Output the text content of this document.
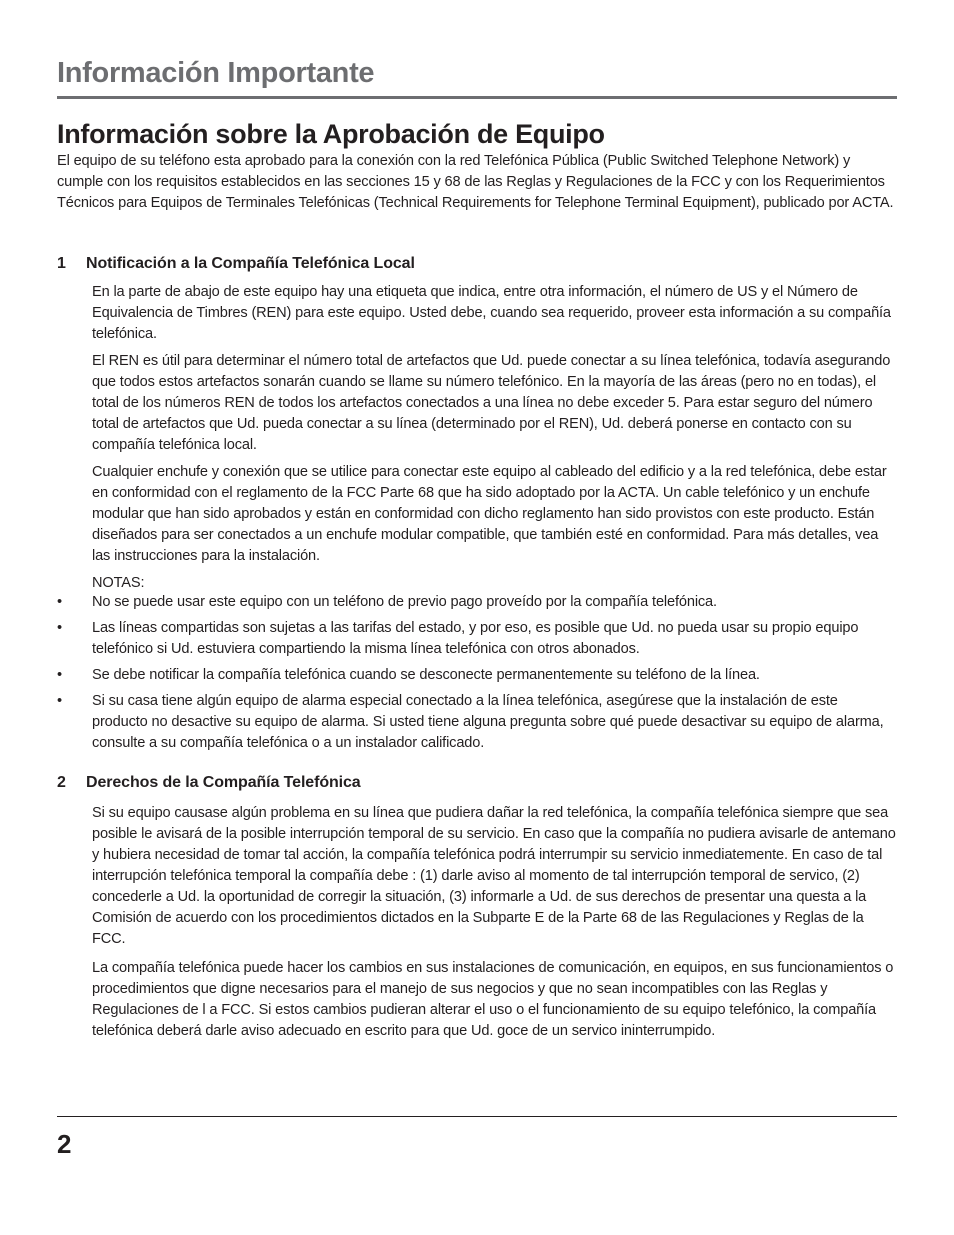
Información Importante
Información sobre la Aprobación de Equipo
El equipo de su teléfono esta aprobado para la conexión con la red Telefónica Pública (Public Switched Telephone Network) y cumple con los requisitos establecidos en las secciones 15 y 68 de las Reglas y Regulaciones de la FCC y con los Requerimientos Técnicos para Equipos de Terminales Telefónicas (Technical Requirements for Telephone Terminal Equipment), publicado por ACTA.
1 Notificación a la Compañía Telefónica Local

En la parte de abajo de este equipo hay una etiqueta que indica, entre otra información, el número de US y el Número de Equivalencia de Timbres (REN) para este equipo. Usted debe, cuando sea requerido, proveer esta información a su compañía telefónica.

El REN es útil para determinar el número total de artefactos que Ud. puede conectar a su línea telefónica, todavía asegurando que todos estos artefactos sonarán cuando se llame su número telefónico. En la mayoría de las áreas (pero no en todas), el total de los números REN de todos los artefactos conectados a una línea no debe exceder 5. Para estar seguro del número total de artefactos que Ud. pueda conectar a su línea (determinado por el REN), Ud. deberá ponerse en contacto con su compañía telefónica local.

Cualquier enchufe y conexión que se utilice para conectar este equipo al cableado del edificio y a la red telefónica, debe estar en conformidad con el reglamento de la FCC Parte 68 que ha sido adoptado por la ACTA. Un cable telefónico y un enchufe modular que han sido aprobados y están en conformidad con dicho reglamento han sido provistos con este producto. Están diseñados para ser conectados a un enchufe modular compatible, que también esté en conformidad. Para más detalles, vea las instrucciones para la instalación.

NOTAS:

•	No se puede usar este equipo con un teléfono de previo pago proveído por la compañía telefónica.
•	Las líneas compartidas son sujetas a las tarifas del estado, y por eso, es posible que Ud. no pueda usar su propio equipo telefónico si Ud. estuviera compartiendo la misma línea telefónica con otros abonados.
•	Se debe notificar la compañía telefónica cuando se desconecte permanentemente su teléfono de la línea.
•	Si su casa tiene algún equipo de alarma especial conectado a la línea telefónica, asegúrese que la instalación de este producto no desactive su equipo de alarma. Si usted tiene alguna pregunta sobre qué puede desactivar su equipo de alarma, consulte a su compañía telefónica o a un instalador calificado.
2 Derechos de la Compañía Telefónica

Si su equipo causase algún problema en su línea que pudiera dañar la red telefónica, la compañía telefónica siempre que sea posible le avisará de la posible interrupción temporal de su servicio. En caso que la compañía no pudiera avisarle de antemano y hubiera necesidad de tomar tal acción, la compañía telefónica podrá interrumpir su servicio inmediatemente. En caso de tal interrupción telefónica temporal la compañía debe : (1) darle aviso al momento de tal interrupción temporal de servico, (2) concederle a Ud. la oportunidad de corregir la situación, (3) informarle a Ud. de sus derechos de presentar una questa a la Comisión de acuerdo con los procedimientos dictados en la Subparte E de la Parte 68 de las Regulaciones y Reglas de la FCC.

La compañía telefónica puede hacer los cambios en sus instalaciones de comunicación, en equipos, en sus funcionamientos o procedimientos que digne necesarios para el manejo de sus negocios y que no sean incompatibles con las Reglas y Regulaciones de l a FCC. Si estos cambios pudieran alterar el uso o el funcionamiento de su equipo telefónico, la compañía telefónica deberá darle aviso adecuado en escrito para que Ud. goce de un servico ininterrumpido.

2
